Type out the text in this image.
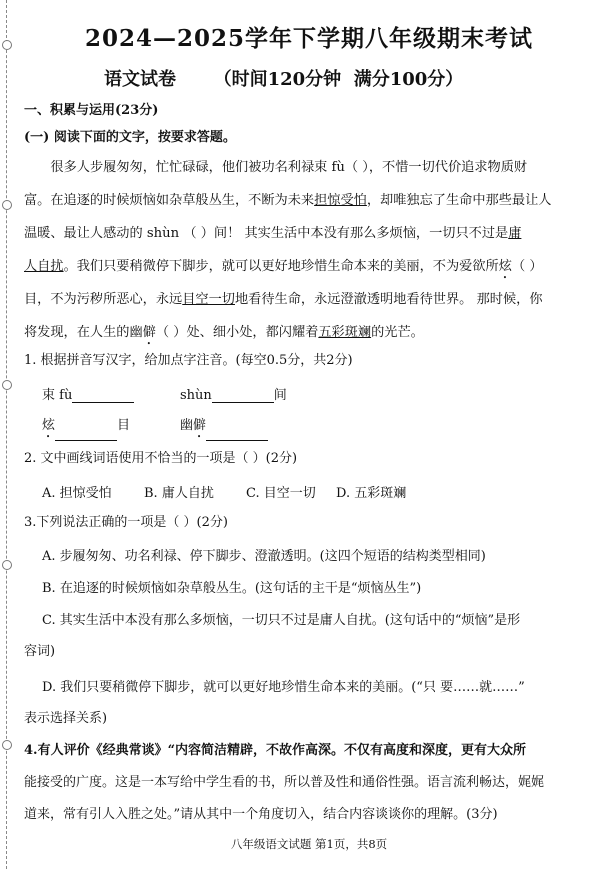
2024—2025学年下学期八年级期末考试
语文试卷      （时间120分钟  满分100分）
一、积累与运用(23分)
(一) 阅读下面的文字，按要求答题。

很多人步履匆匆，忙忙碌碌，他们被功名利禄束 fù（ ），不惜一切代价追求物质财

富。在追逐的时候烦恼如杂草般丛生，不断为未来担惊受怕，却唯独忘了生命中那些最让人

温暖、最让人感动的 shùn （ ）间！ 其实生活中本没有那么多烦恼，一切只不过是庸

人自扰。我们只要稍微停下脚步，就可以更好地珍惜生命本来的美丽，不为爱欲所炫（ ）

目，不为污秽所恶心，永远目空一切地看待生命，永远澄澈透明地看待世界。 那时候，你

将发现，在人生的幽僻（ ）处、细小处，都闪耀着五彩斑斓的光芒。

1. 根据拼音写汉字，给加点字注音。(每空0.5分，共2分)
束 fù	shùn	间
炫	目	幽僻
2. 文中画线词语使用不恰当的一项是（ ）(2分)
A. 担惊受怕 B. 庸人自扰 C. 目空一切 D. 五彩斑斓
3.下列说法正确的一项是（ ）(2分)
A. 步履匆匆、功名利禄、停下脚步、澄澈透明。(这四个短语的结构类型相同)
B. 在追逐的时候烦恼如杂草般丛生。(这句话的主干是“烦恼丛生”)
C. 其实生活中本没有那么多烦恼，一切只不过是庸人自扰。(这句话中的“烦恼”是形
容词)
D. 我们只要稍微停下脚步，就可以更好地珍惜生命本来的美丽。(“只 要……就……”
表示选择关系)
4.有人评价《经典常谈》“内容简洁精辟，不故作高深。不仅有高度和深度，更有大众所
能接受的广度。这是一本写给中学生看的书，所以普及性和通俗性强。语言流利畅达，娓娓
道来，常有引人入胜之处。”请从其中一个角度切入，结合内容谈谈你的理解。(3分)
八年级语文试题 第1页，共8页
